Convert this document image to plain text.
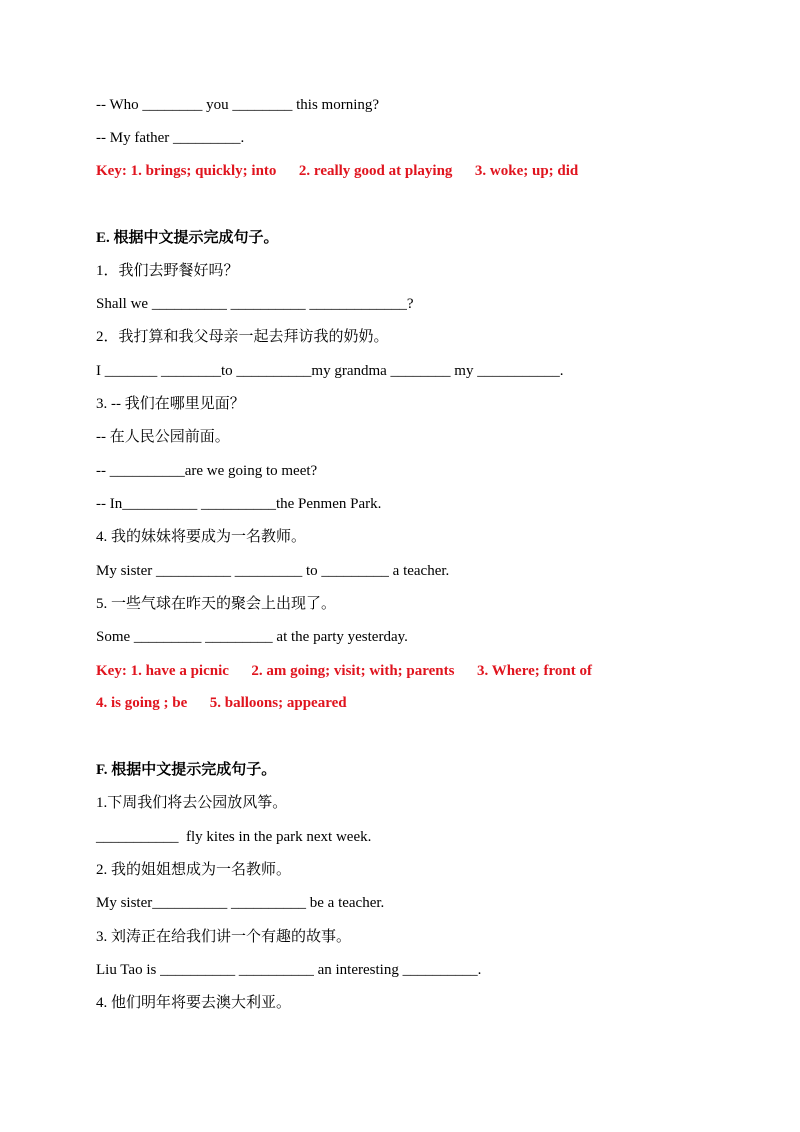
-- Who ________ you ________ this morning?
-- My father _________.
Key: 1. brings; quickly; into      2. really good at playing      3. woke; up; did
E. 根据中文提示完成句子。
1．我们去野餐好吗？
Shall we __________ __________ _____________?
2．我打算和我父母亲一起去拜访我的奶奶。
I _______ ________to __________my grandma ________ my ___________.
3. -- 我们在哪里见面？
-- 在人民公园前面。
-- __________are we going to meet?
-- In__________ __________the Penmen Park.
4. 我的妹妹将要成为一名教师。
My sister __________ _________ to _________ a teacher.
5. 一些气球在昨天的聚会上出现了。
Some _________ _________ at the party yesterday.
Key: 1. have a picnic      2. am going; visit; with; parents      3. Where; front of
4. is going ; be      5. balloons; appeared
F. 根据中文提示完成句子。
1.下周我们将去公园放风筝。
___________  fly kites in the park next week.
2. 我的姐姐想成为一名教师。
My sister__________ __________ be a teacher.
3. 刘涛正在给我们讲一个有趣的故事。
Liu Tao is __________ __________ an interesting __________.
4. 他们明年将要去澳大利亚。
